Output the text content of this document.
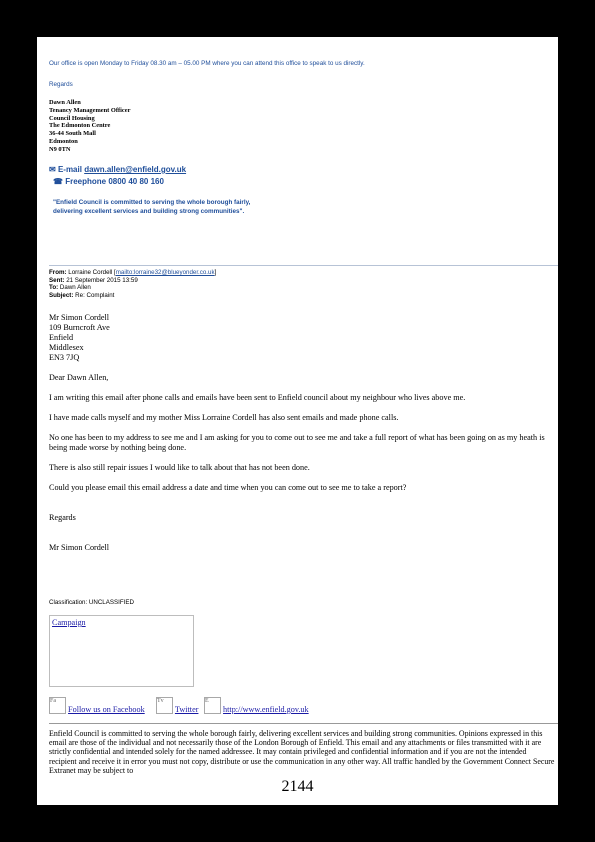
Our office is open Monday to Friday 08.30 am – 05.00 PM where you can attend this office to speak to us directly.
Regards
Dawn Allen
Tenancy Management Officer
Council Housing
The Edmonton Centre
36-44 South Mall
Edmonton
N9 0TN
✉ E-mail dawn.allen@enfield.gov.uk
☎ Freephone 0800 40 80 160
"Enfield Council is committed to serving the whole borough fairly,
delivering excellent services and building strong communities".
From: Lorraine Cordell [mailto:lorraine32@blueyonder.co.uk]
Sent: 21 September 2015 13:59
To: Dawn Allen
Subject: Re: Complaint
Mr Simon Cordell
109 Burncroft Ave
Enfield
Middlesex
EN3 7JQ
Dear Dawn Allen,
I am writing this email after phone calls and emails have been sent to Enfield council about my neighbour who lives above me.
I have made calls myself and my mother Miss Lorraine Cordell has also sent emails and made phone calls.
No one has been to my address to see me and I am asking for you to come out to see me and take a full report of what has been going on as my heath is being made worse by nothing being done.
There is also still repair issues I would like to talk about that has not been done.
Could you please email this email address a date and time when you can come out to see me to take a report?
Regards
Mr Simon Cordell
Classification: UNCLASSIFIED
Campaign
Fa Follow us on Facebook
Tv Twitter
E http://www.enfield.gov.uk
Enfield Council is committed to serving the whole borough fairly, delivering excellent services and building strong communities. Opinions expressed in this email are those of the individual and not necessarily those of the London Borough of Enfield. This email and any attachments or files transmitted with it are strictly confidential and intended solely for the named addressee. It may contain privileged and confidential information and if you are not the intended recipient and receive it in error you must not copy, distribute or use the communication in any other way. All traffic handled by the Government Connect Secure Extranet may be subject to
2144
